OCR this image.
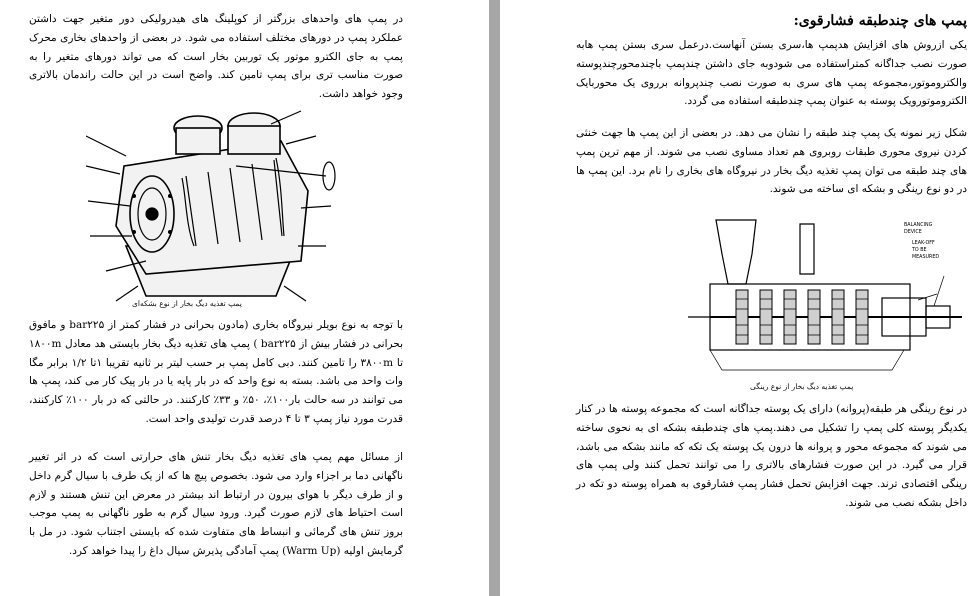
در پمپ های واحدهای بزرگتر از کوپلینگ های هیدرولیکی دور متغیر جهت داشتن عملکرد پمپ در دورهای مختلف استفاده می شود. در بعضی از واحدهای بخاری محرک پمپ به جای الکترو موتور یک توربین بخار است که می تواند دورهای متغیر را به صورت مناسب تری برای پمپ تامین کند. واضح است در این حالت راندمان بالاتری وجود خواهد داشت.

پمپ تغذیه دیگ بخار از نوع بشکه‌ای

با توجه به نوع بویلر نیروگاه بخاری (مادون بحرانی در فشار کمتر از bar۲۲۵ و مافوق بحرانی در فشار بیش از bar۲۲۵ ) پمپ های تغذیه دیگ بخار بایستی هد معادل ۱۸۰۰m تا ۳۸۰۰m را تامین کنند. دبی کامل پمپ بر حسب لیتر بر ثانیه تقریبا ۱تا ۱/۲ برابر مگا وات واحد می باشد. بسته به نوع واحد که در بار پایه یا در بار پیک کار می کند، پمپ ها می توانند در سه حالت بار۱۰۰٪، ۵۰٪ و ۳۳٪ کارکنند. در حالتی که در بار ۱۰۰٪ کارکنند، قدرت مورد نیاز پمپ ۳ تا ۴ درصد قدرت تولیدی واحد است.

از مسائل مهم پمپ های تغذیه دیگ بخار تنش های حرارتی است که در اثر تغییر ناگهانی دما بر اجزاء وارد می شود. بخصوص پیچ ها که از یک طرف با سیال گرم داخل و از طرف دیگر با هوای بیرون در ارتباط اند بیشتر در معرض این تنش هستند و لازم است احتیاط های لازم صورت گیرد. ورود سیال گرم به طور ناگهانی به پمپ موجب بروز تنش های گرمائی و انبساط های متفاوت شده که بایستی اجتناب شود. در مل با گرمایش اولیه (Warm Up) پمپ آمادگی پذیرش سیال داغ را پیدا خواهد کرد.

پمپ های چندطبقه فشارقوی:

یکی ازروش های افزایش هدپمپ ها،سری بستن آنهاست.درعمل سری بستن پمپ هابه صورت نصب جداگانه کمتراستفاده می شودوبه جای داشتن چندپمپ باچندمحورچندپوسته والکتروموتور،مجموعه پمپ های سری به صورت نصب چندپروانه برروی یک محوربایک الکتروموتورویک پوسته به عنوان پمپ چندطبقه استفاده می گردد.

شکل زیر نمونه یک پمپ چند طبقه را نشان می دهد. در بعضی از این پمپ ها جهت خنثی کردن نیروی محوری طبقات روبروی هم تعداد مساوی نصب می شوند. از مهم ترین پمپ های چند طبقه می توان پمپ تغذیه دیگ بخار در نیروگاه های بخاری را نام برد. این پمپ ها در دو نوع رینگی و بشکه ای ساخته می شوند.

BALANCING
DEVICE
LEAK-OFF
TO BE
MEASURED
پمپ تغذیه دیگ بخار از نوع رینگی

در نوع رینگی هر طبقه(پروانه) دارای یک پوسته جداگانه است که مجموعه پوسته ها در کنار یکدیگر پوسته کلی پمپ را تشکیل می دهند.پمپ های چندطبقه بشکه ای به نحوی ساخته می شوند که مجموعه محور و پروانه ها درون یک پوسته یک تکه که مانند بشکه می باشد، قرار می گیرد. در این صورت فشارهای بالاتری را می توانند تحمل کنند ولی پمپ های رینگی اقتصادی ترند. جهت افزایش تحمل فشار پمپ فشارقوی به همراه پوسته دو تکه در داخل بشکه نصب می شوند.
